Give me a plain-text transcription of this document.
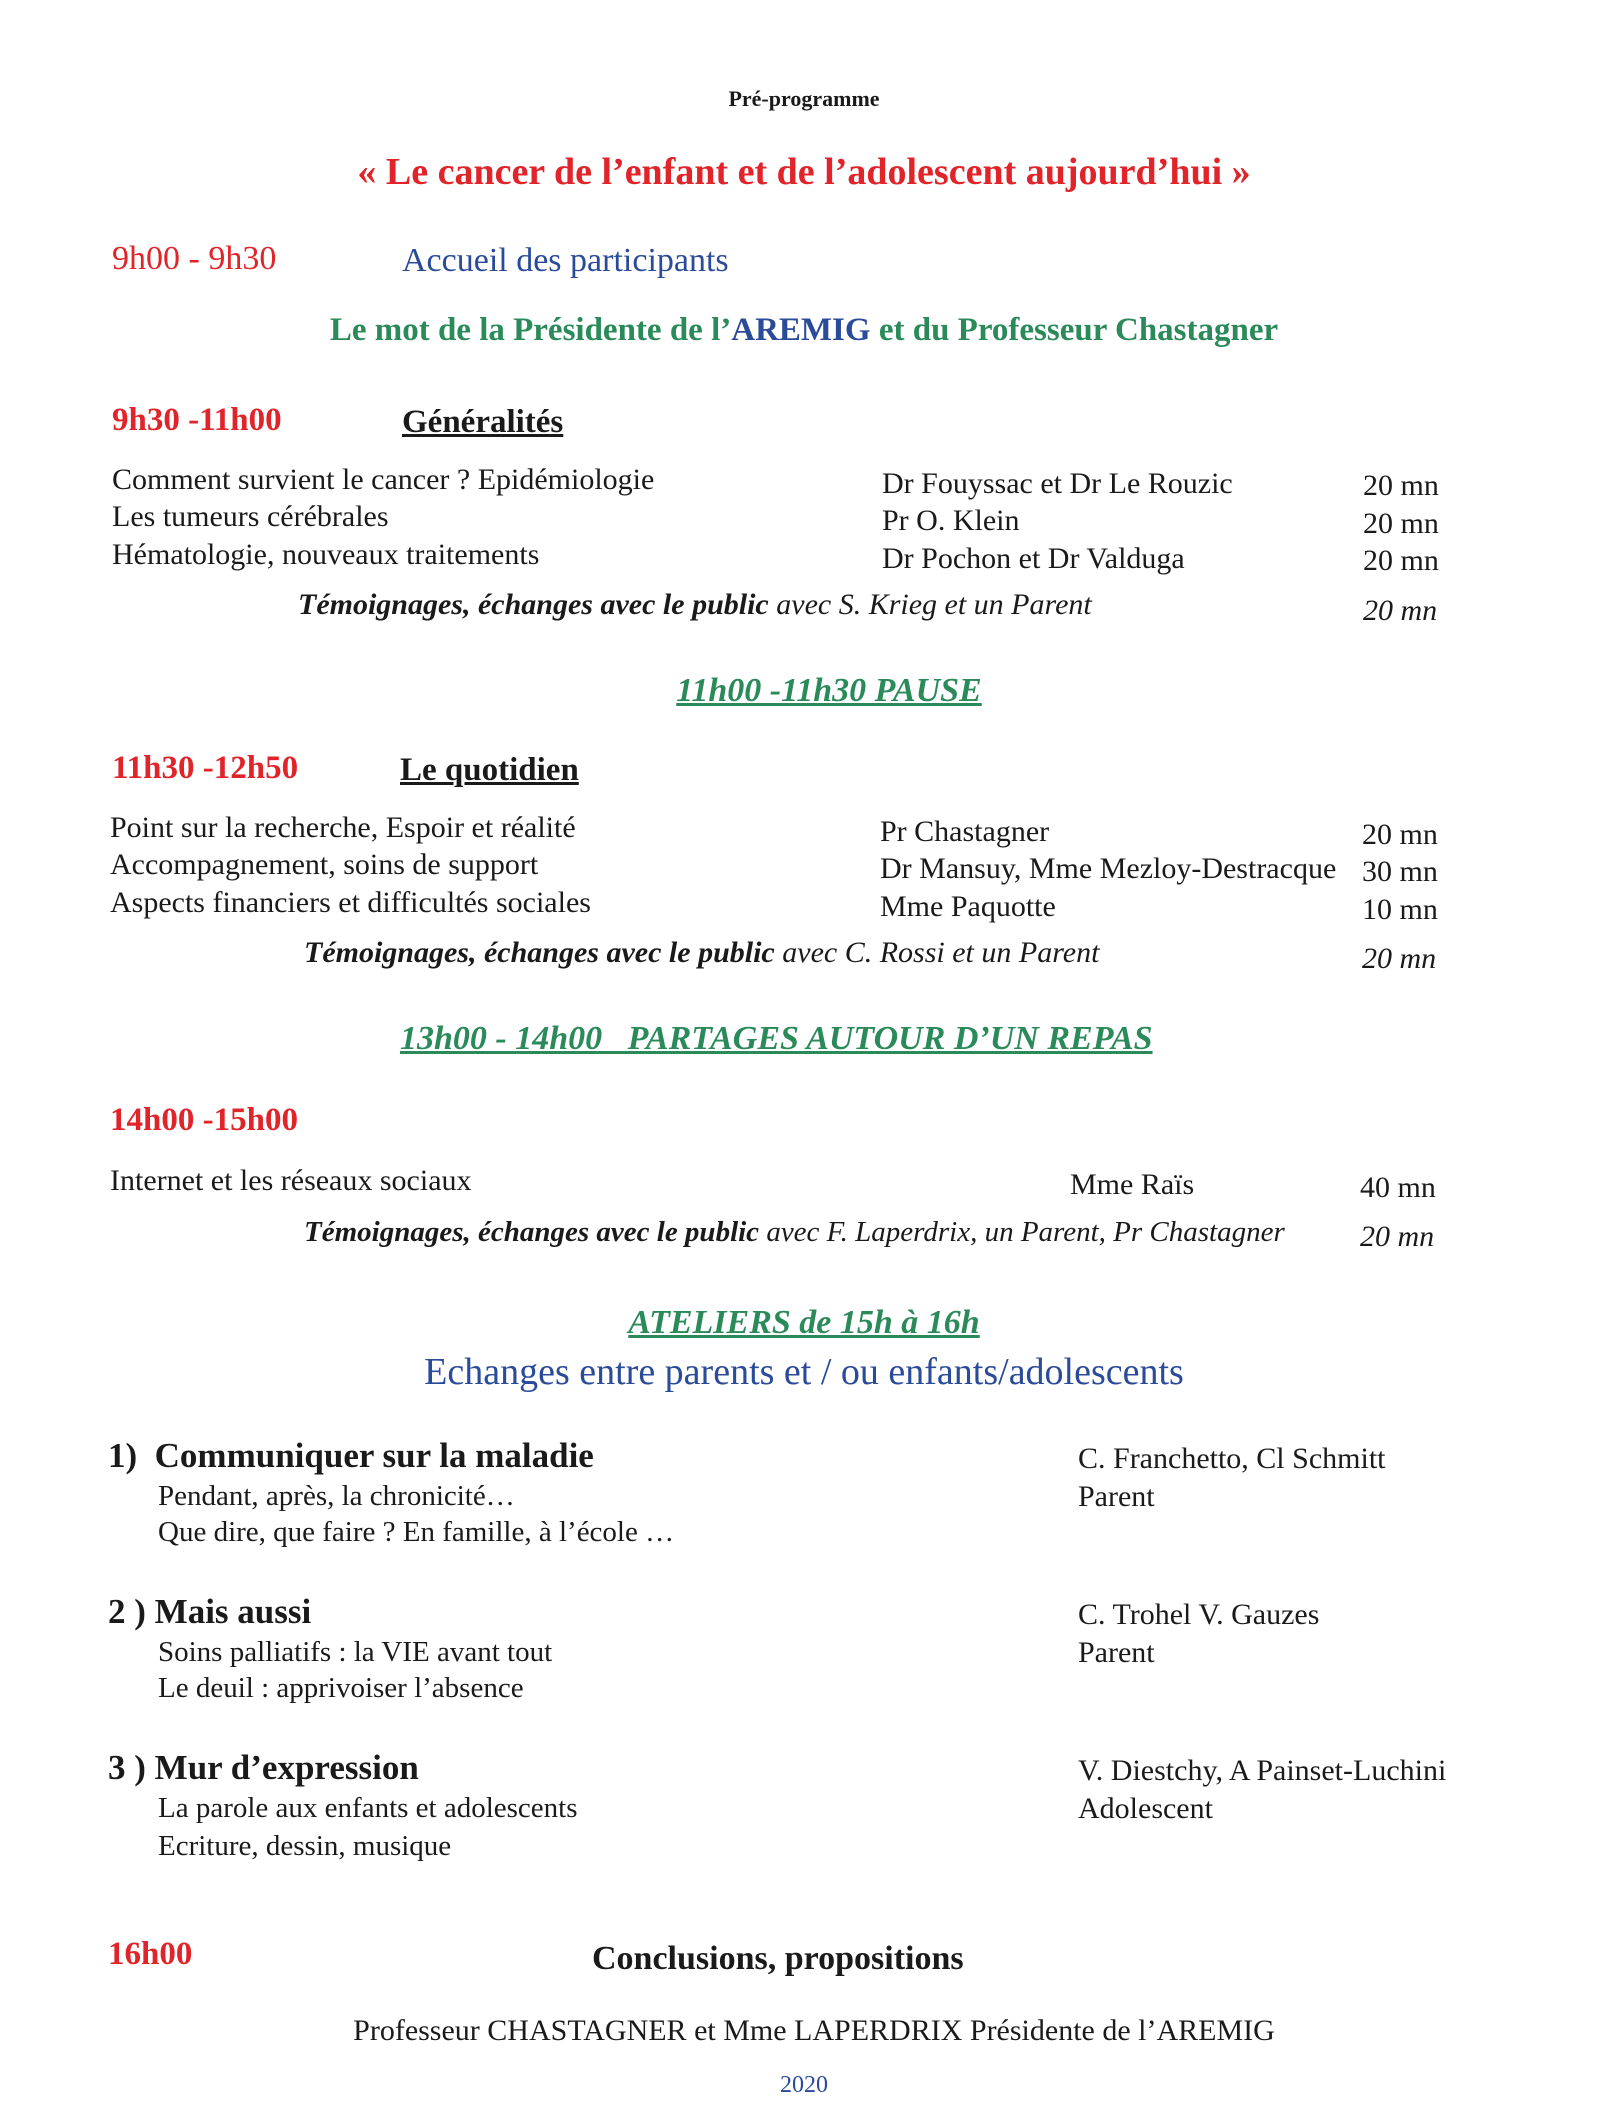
Pré-programme
« Le cancer de l’enfant et de l’adolescent aujourd’hui »
9h00 - 9h30	Accueil des participants
Le mot de la Présidente de l’AREMIG et du Professeur Chastagner
9h30 -11h00	Généralités
Comment survient le cancer ? Epidémiologie	Dr Fouyssac et Dr Le Rouzic	20 mn
Les tumeurs cérébrales	Pr O. Klein	20 mn
Hématologie, nouveaux traitements	Dr Pochon et Dr Valduga	20 mn
Témoignages, échanges avec le public avec S. Krieg et un Parent	20 mn
11h00 -11h30 PAUSE
11h30 -12h50	Le quotidien
Point sur la recherche, Espoir et réalité	Pr Chastagner	20 mn
Accompagnement, soins de support	Dr Mansuy, Mme Mezloy-Destracque 30 mn
Aspects financiers et difficultés sociales	Mme Paquotte	10 mn
Témoignages, échanges avec le public avec C. Rossi et un Parent	20 mn
13h00 - 14h00   PARTAGES AUTOUR D’UN REPAS
14h00 -15h00
Internet et les réseaux sociaux	Mme Raïs	40 mn
Témoignages, échanges avec le public avec F. Laperdrix, un Parent, Pr Chastagner	20 mn
ATELIERS de 15h à 16h
Echanges entre parents et / ou enfants/adolescents
1)  Communiquer sur la maladie
Pendant, après, la chronicité…
Que dire, que faire ? En famille, à l’école …
C. Franchetto, Cl Schmitt
Parent
2 ) Mais aussi
Soins palliatifs : la VIE avant tout
Le deuil : apprivoiser l’absence
C. Trohel V. Gauzes
Parent
3 ) Mur d’expression
La parole aux enfants et adolescents
Ecriture, dessin, musique
V. Diestchy, A Painset-Luchini
Adolescent
16h00	Conclusions, propositions
Professeur CHASTAGNER et Mme LAPERDRIX Présidente de l’AREMIG
2020
